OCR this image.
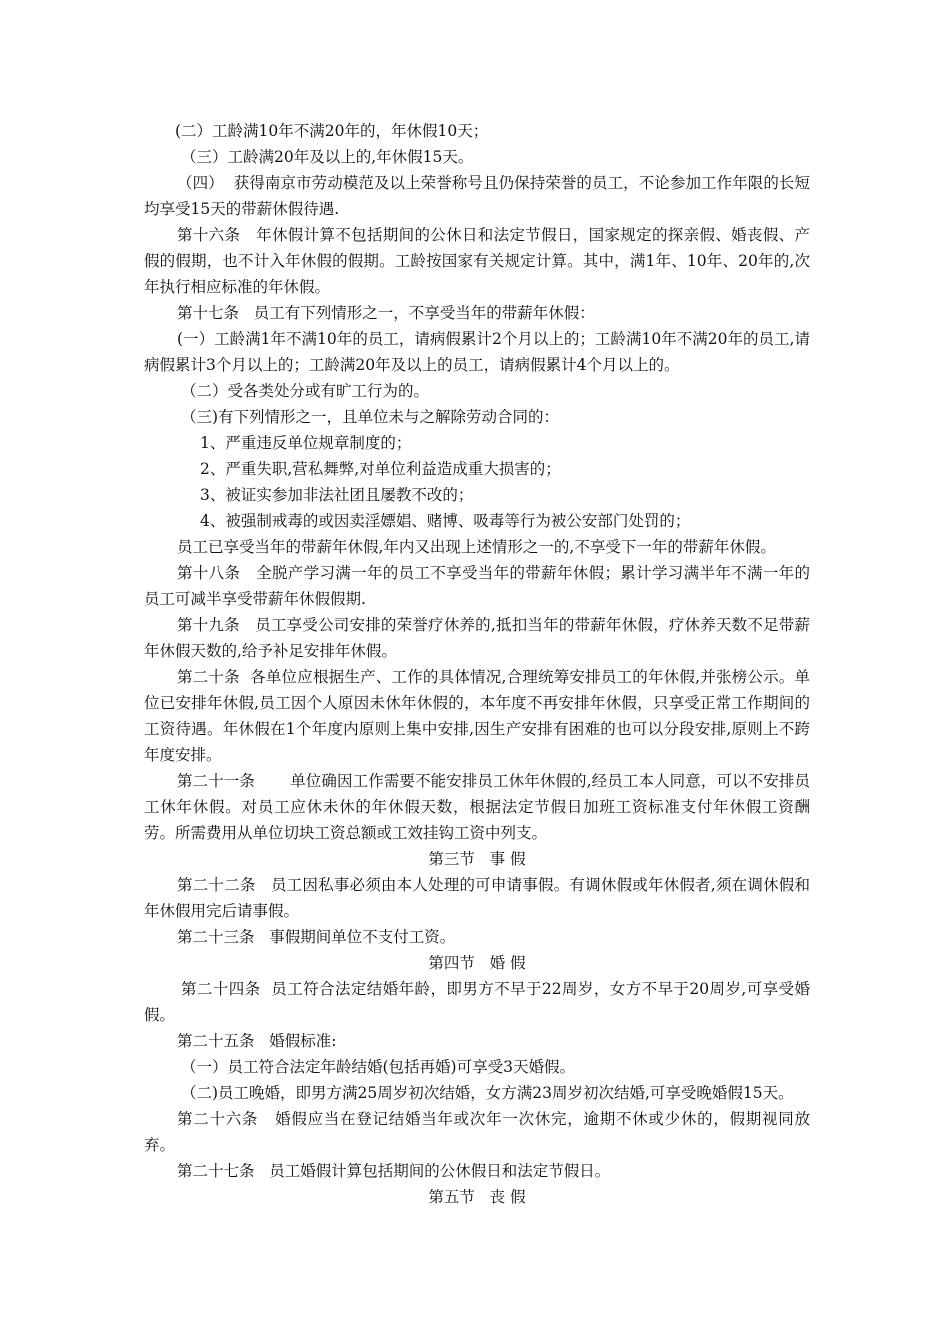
(二）工龄满10年不满20年的，年休假10天；

（三）工龄满20年及以上的,年休假15天。

（四）  获得南京市劳动模范及以上荣誉称号且仍保持荣誉的员工，不论参加工作年限的长短均享受15天的带薪休假待遇.

第十六条   年休假计算不包括期间的公休日和法定节假日，国家规定的探亲假、婚丧假、产假的假期，也不计入年休假的假期。工龄按国家有关规定计算。其中，满1年、10年、20年的,次年执行相应标准的年休假。

第十七条   员工有下列情形之一，不享受当年的带薪年休假：

(一）工龄满1年不满10年的员工，请病假累计2个月以上的；工龄满10年不满20年的员工,请病假累计3个月以上的；工龄满20年及以上的员工，请病假累计4个月以上的。

（二）受各类处分或有旷工行为的。

（三)有下列情形之一，且单位未与之解除劳动合同的：

1、严重违反单位规章制度的；

2、严重失职,营私舞弊,对单位利益造成重大损害的；

3、被证实参加非法社团且屡教不改的；

4、被强制戒毒的或因卖淫嫖娼、赌博、吸毒等行为被公安部门处罚的；

员工已享受当年的带薪年休假,年内又出现上述情形之一的,不享受下一年的带薪年休假。

第十八条   全脱产学习满一年的员工不享受当年的带薪年休假；累计学习满半年不满一年的员工可减半享受带薪年休假假期.

第十九条   员工享受公司安排的荣誉疗休养的,抵扣当年的带薪年休假，疗休养天数不足带薪年休假天数的,给予补足安排年休假。

第二十条  各单位应根据生产、工作的具体情况,合理统筹安排员工的年休假,并张榜公示。单位已安排年休假,员工因个人原因未休年休假的，本年度不再安排年休假，只享受正常工作期间的工资待遇。年休假在1个年度内原则上集中安排,因生产安排有困难的也可以分段安排,原则上不跨年度安排。

第二十一条       单位确因工作需要不能安排员工休年休假的,经员工本人同意，可以不安排员工休年休假。对员工应休未休的年休假天数，根据法定节假日加班工资标准支付年休假工资酬劳。所需费用从单位切块工资总额或工效挂钩工资中列支。

第三节   事 假

第二十二条   员工因私事必须由本人处理的可申请事假。有调休假或年休假者,须在调休假和年休假用完后请事假。

第二十三条   事假期间单位不支付工资。

第四节   婚 假

第二十四条  员工符合法定结婚年龄，即男方不早于22周岁，女方不早于20周岁,可享受婚假。

第二十五条   婚假标准:

（一）员工符合法定年龄结婚(包括再婚)可享受3天婚假。

（二)员工晚婚，即男方满25周岁初次结婚，女方满23周岁初次结婚,可享受晚婚假15天。

第二十六条   婚假应当在登记结婚当年或次年一次休完，逾期不休或少休的，假期视同放弃。

第二十七条   员工婚假计算包括期间的公休假日和法定节假日。

第五节   丧 假
